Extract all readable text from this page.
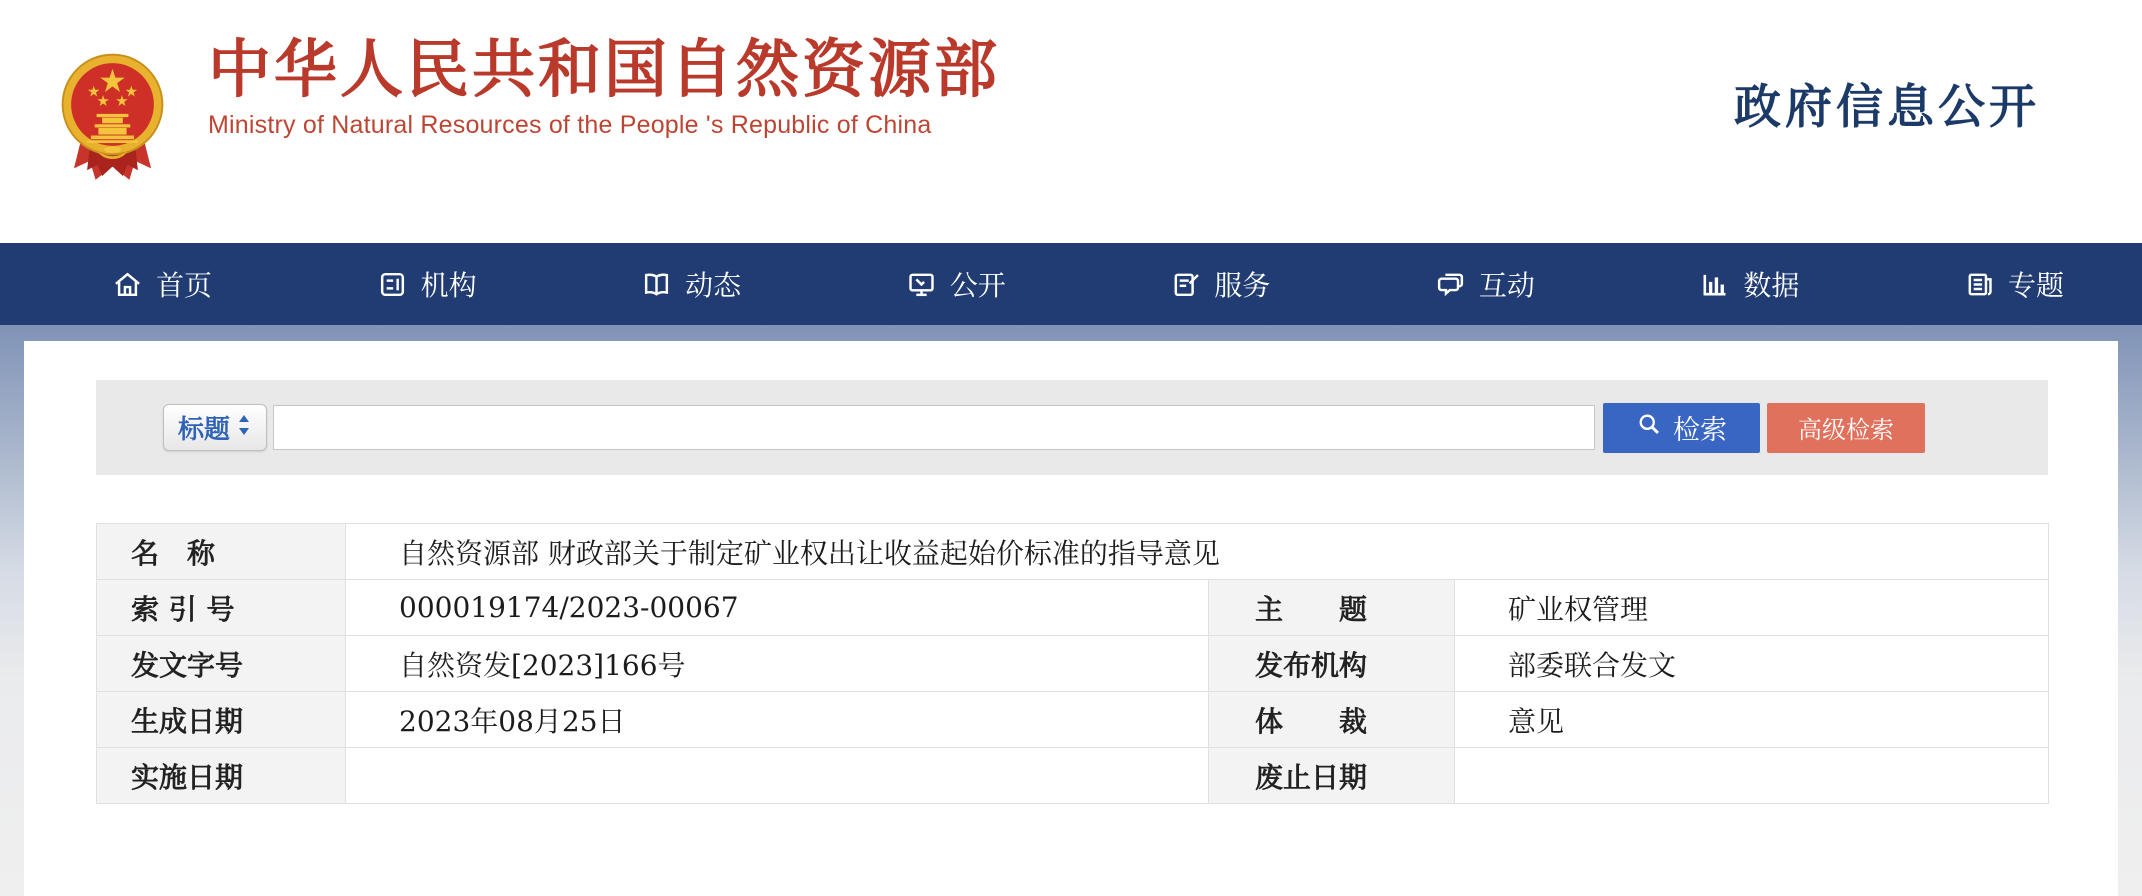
中华人民共和国自然资源部
Ministry of Natural Resources of the People 's Republic of China	政府信息公开
首页	机构	动态	公开	服务	互动	数据	专题
标题	检索	高级检索
名　称	自然资源部 财政部关于制定矿业权出让收益起始价标准的指导意见		
索 引 号	000019174/2023-00067	主　　题	矿业权管理
发文字号	自然资发[2023]166号	发布机构	部委联合发文
生成日期	2023年08月25日	体　　裁	意见
实施日期		废止日期	
